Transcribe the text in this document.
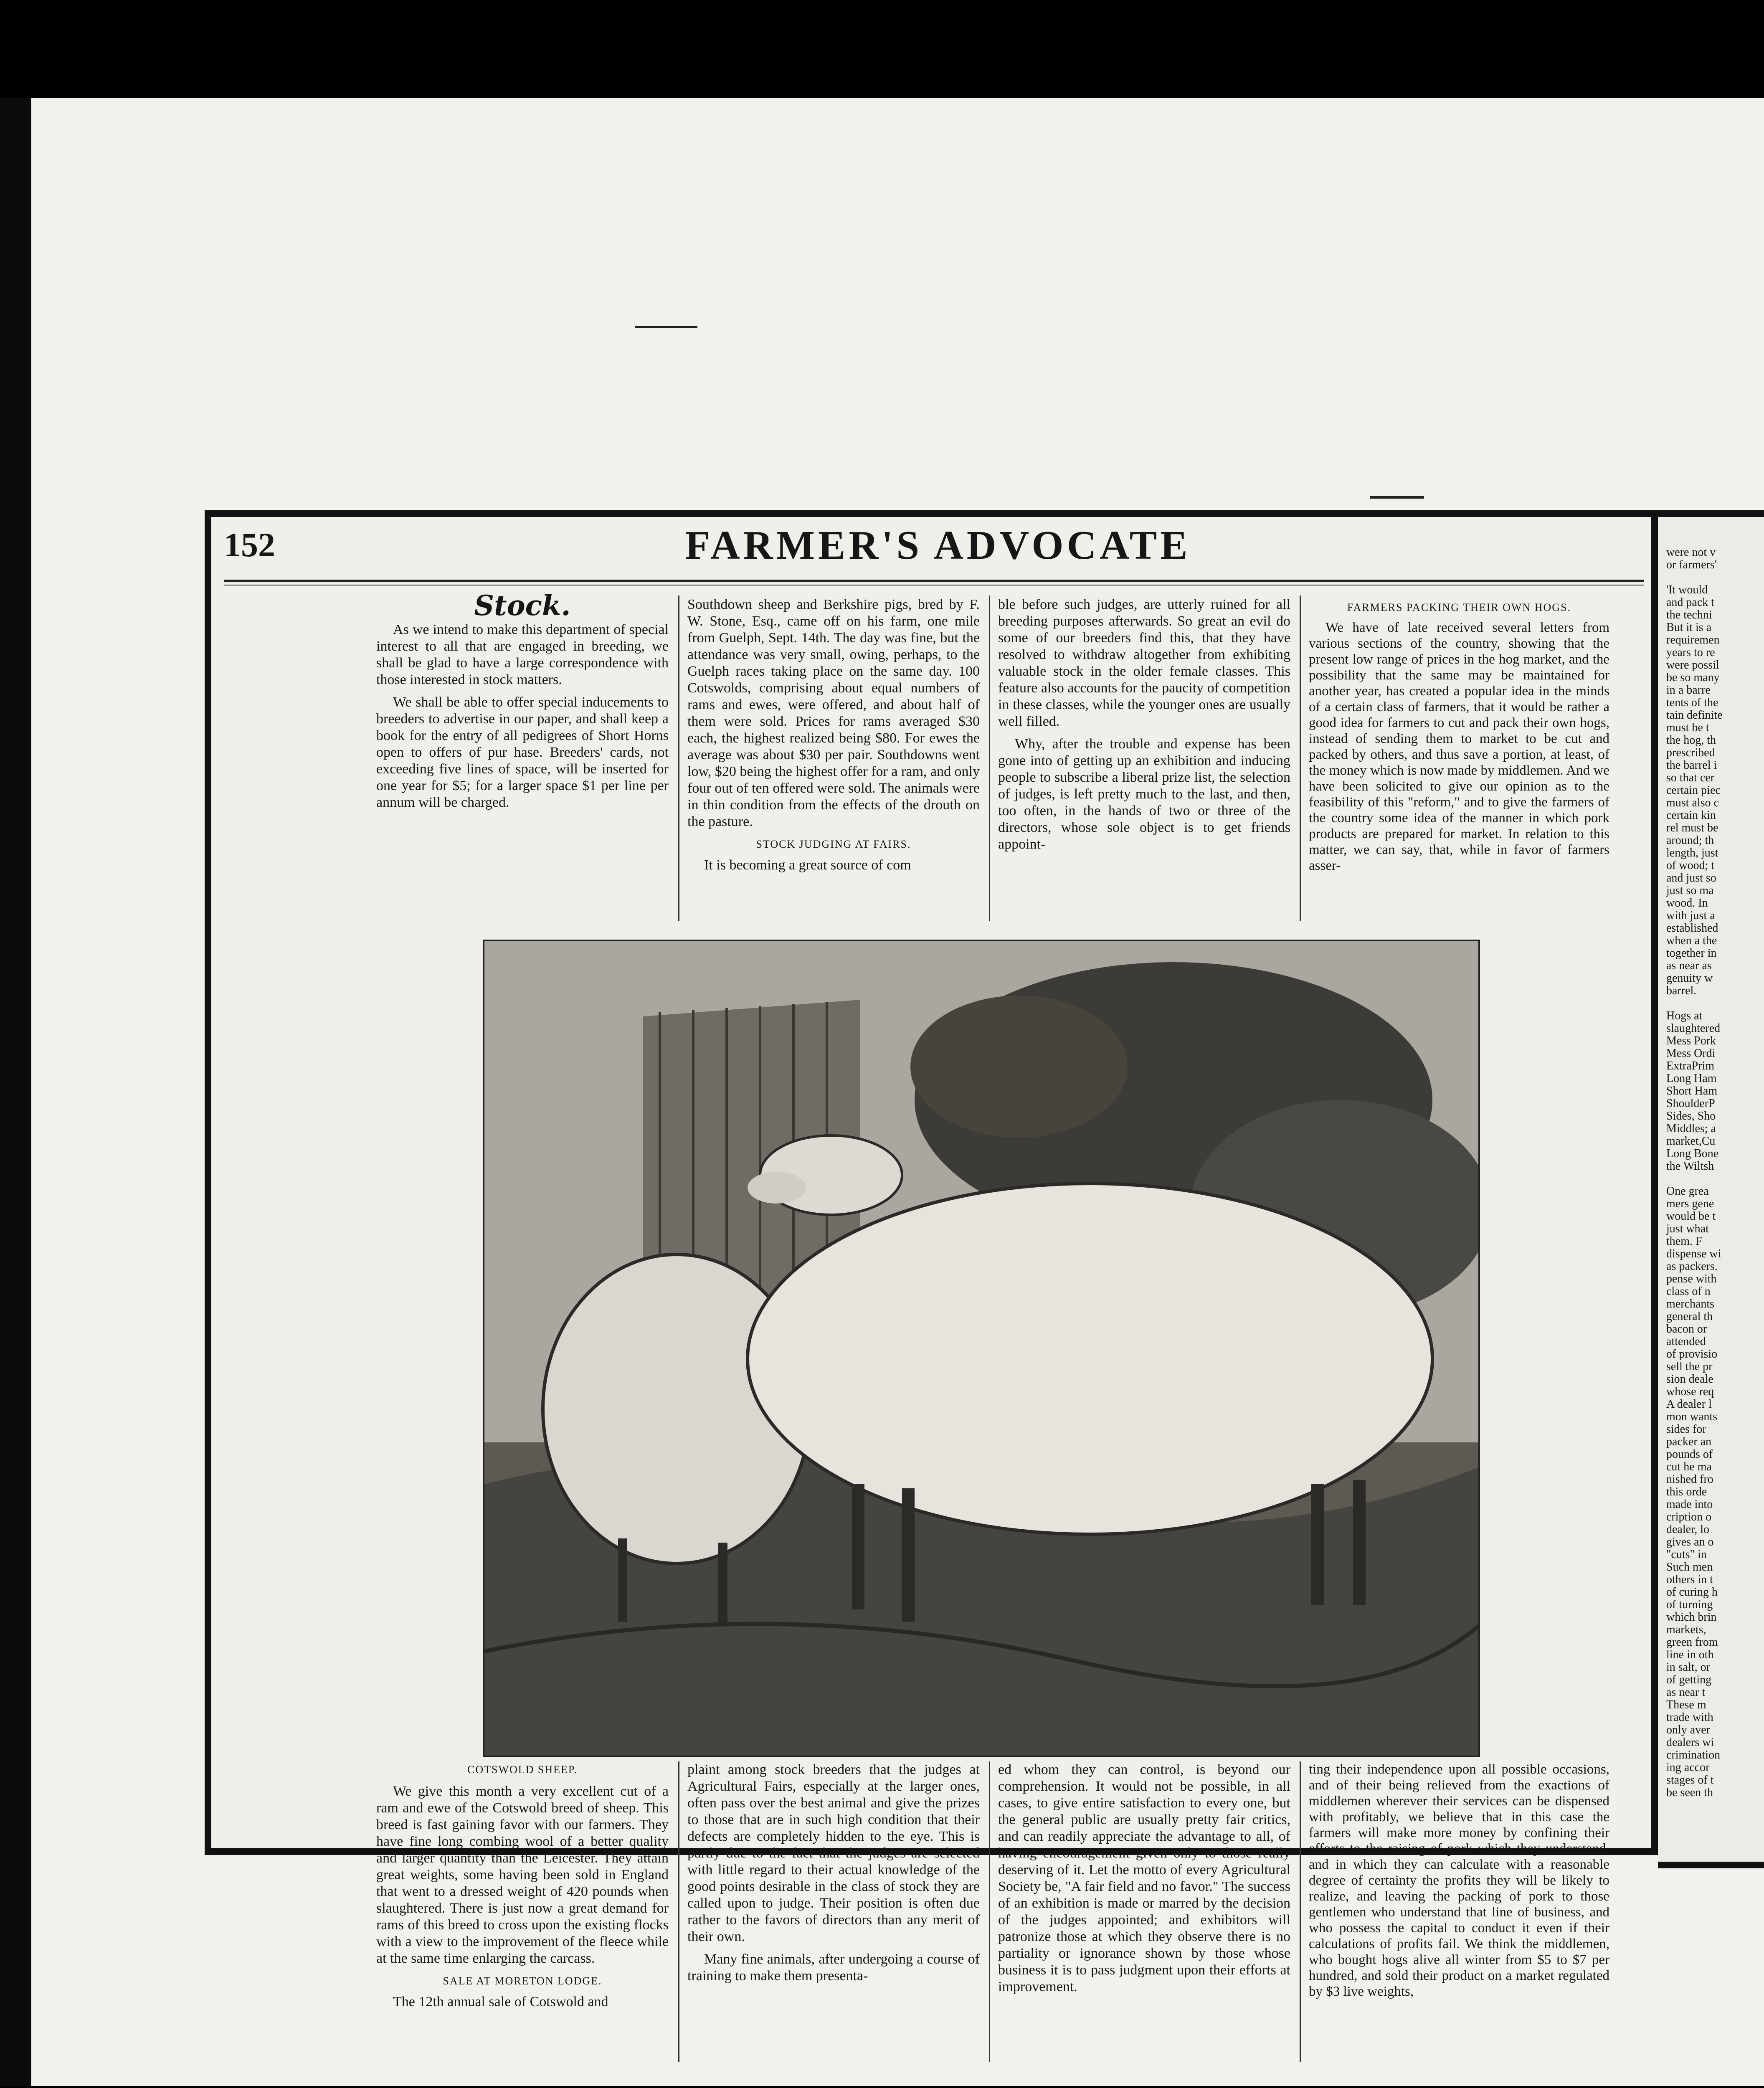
152	FARMER'S ADVOCATE
Stock.

As we intend to make this department of special interest to all that are engaged in breeding, we shall be glad to have a large correspondence with those interested in stock matters.

We shall be able to offer special inducements to breeders to advertise in our paper, and shall keep a book for the entry of all pedigrees of Short Horns open to offers of pur hase. Breeders' cards, not exceeding five lines of space, will be inserted for one year for $5; for a larger space $1 per line per annum will be charged.

Southdown sheep and Berkshire pigs, bred by F. W. Stone, Esq., came off on his farm, one mile from Guelph, Sept. 14th. The day was fine, but the attendance was very small, owing, perhaps, to the Guelph races taking place on the same day. 100 Cotswolds, comprising about equal numbers of rams and ewes, were offered, and about half of them were sold. Prices for rams averaged $30 each, the highest realized being $80. For ewes the average was about $30 per pair. Southdowns went low, $20 being the highest offer for a ram, and only four out of ten offered were sold. The animals were in thin condition from the effects of the drouth on the pasture.

STOCK JUDGING AT FAIRS.

It is becoming a great source of com

ble before such judges, are utterly ruined for all breeding purposes afterwards. So great an evil do some of our breeders find this, that they have resolved to withdraw altogether from exhibiting valuable stock in the older female classes. This feature also accounts for the paucity of competition in these classes, while the younger ones are usually well filled.

Why, after the trouble and expense has been gone into of getting up an exhibition and inducing people to subscribe a liberal prize list, the selection of judges, is left pretty much to the last, and then, too often, in the hands of two or three of the directors, whose sole object is to get friends appoint-

FARMERS PACKING THEIR OWN HOGS.

We have of late received several letters from various sections of the country, showing that the present low range of prices in the hog market, and the possibility that the same may be maintained for another year, has created a popular idea in the minds of a certain class of farmers, that it would be rather a good idea for farmers to cut and pack their own hogs, instead of sending them to market to be cut and packed by others, and thus save a portion, at least, of the money which is now made by middlemen. And we have been solicited to give our opinion as to the feasibility of this "reform," and to give the farmers of the country some idea of the manner in which pork products are prepared for market. In relation to this matter, we can say, that, while in favor of farmers asser-

COTSWOLD SHEEP.

We give this month a very excellent cut of a ram and ewe of the Cotswold breed of sheep. This breed is fast gaining favor with our farmers. They have fine long combing wool of a better quality and larger quantity than the Leicester. They attain great weights, some having been sold in England that went to a dressed weight of 420 pounds when slaughtered. There is just now a great demand for rams of this breed to cross upon the existing flocks with a view to the improvement of the fleece while at the same time enlarging the carcass.

SALE AT MORETON LODGE.

The 12th annual sale of Cotswold and

plaint among stock breeders that the judges at Agricultural Fairs, especially at the larger ones, often pass over the best animal and give the prizes to those that are in such high condition that their defects are completely hidden to the eye. This is partly due to the fact that the judges are selected with little regard to their actual knowledge of the good points desirable in the class of stock they are called upon to judge. Their position is often due rather to the favors of directors than any merit of their own.

Many fine animals, after undergoing a course of training to make them presenta-

ed whom they can control, is beyond our comprehension. It would not be possible, in all cases, to give entire satisfaction to every one, but the general public are usually pretty fair critics, and can readily appreciate the advantage to all, of having encouragement given only to those really deserving of it. Let the motto of every Agricultural Society be, "A fair field and no favor." The success of an exhibition is made or marred by the decision of the judges appointed; and exhibitors will patronize those at which they observe there is no partiality or ignorance shown by those whose business it is to pass judgment upon their efforts at improvement.

ting their independence upon all possible occasions, and of their being relieved from the exactions of middlemen wherever their services can be dispensed with profitably, we believe that in this case the farmers will make more money by confining their efforts to the raising of pork which they understand, and in which they can calculate with a reasonable degree of certainty the profits they will be likely to realize, and leaving the packing of pork to those gentlemen who understand that line of business, and who possess the capital to conduct it even if their calculations of profits fail. We think the middlemen, who bought hogs alive all winter from $5 to $7 per hundred, and sold their product on a market regulated by $3 live weights,

were not v
or farmers'

'It would
and pack t
the techni
But it is a
requiremen
years to re
were possil
be so many
in a barre
tents of the
tain definite
must be t
the hog, th
prescribed
the barrel i
so that cer
certain piec
must also c
certain kin
rel must be
around; th
length, just
of wood; t
and just so
just so ma
wood. In
with just a
established
when a the
together in
as near as
genuity w
barrel.

Hogs at
slaughtered
Mess Pork
Mess Ordi
ExtraPrim
Long Ham
Short Ham
ShoulderP
Sides, Sho
Middles; a
market,Cu
Long Bone
the Wiltsh

One grea
mers gene
would be t
just what
them. F
dispense wi
as packers.
pense with
class of n
merchants
general th
bacon or
attended
of provisio
sell the pr
sion deale
whose req
A dealer l
mon wants
sides for
packer an
pounds of
cut he ma
nished fro
this orde
made into
cription o
dealer, lo
gives an o
"cuts" in
Such men
others in t
of curing h
of turning
which brin
markets,
green from
line in oth
in salt, or
of getting
as near t
These m
trade with
only aver
dealers wi
crimination
ing accor
stages of t
be seen th
